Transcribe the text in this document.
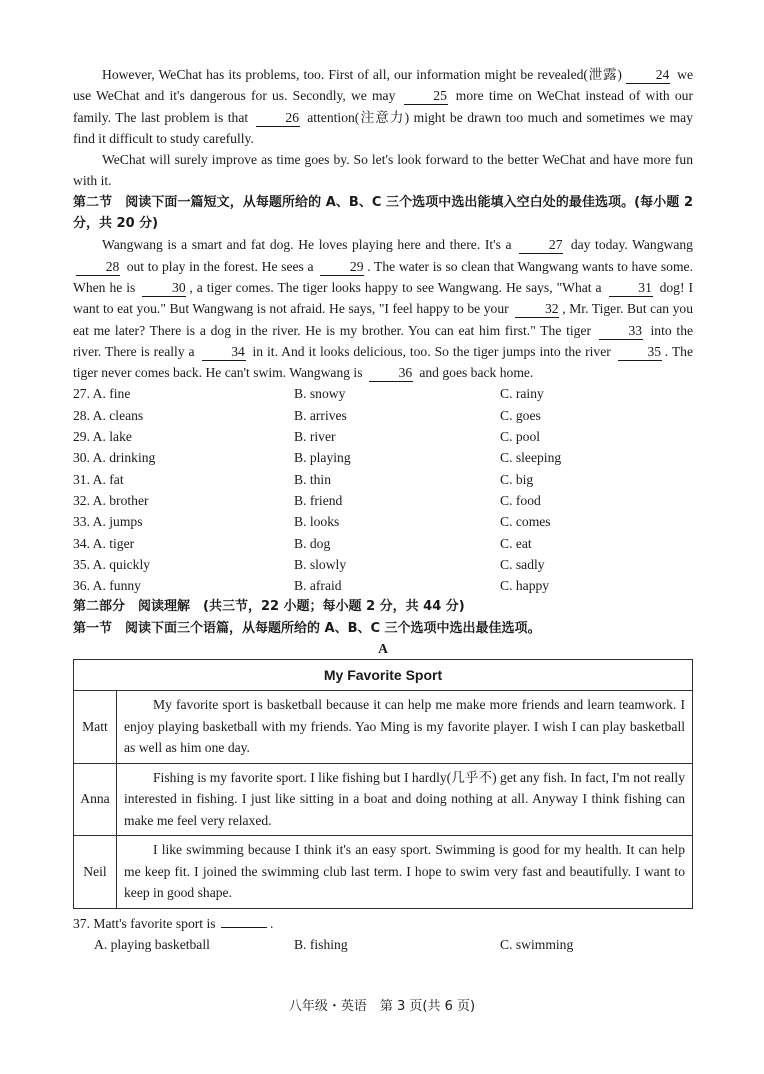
However, WeChat has its problems, too. First of all, our information might be revealed(泄露) 24 we use WeChat and it's dangerous for us. Secondly, we may	25 more time on WeChat instead of with our family. The last problem is that	26 attention(注意力) might be drawn too much and sometimes we may find it difficult to study carefully.

WeChat will surely improve as time goes by. So let's look forward to the better WeChat and have more fun with it.

第二节　阅读下面一篇短文，从每题所给的 A、B、C 三个选项中选出能填入空白处的最佳选项。(每小题 2 分，共 20 分)

Wangwang is a smart and fat dog. He loves playing here and there. It's a	27 day today. Wangwang 28 out to play in the forest. He sees a	29 . The water is so clean that Wangwang wants to have some. When he is	30 , a tiger comes. The tiger looks happy to see Wangwang. He says, "What a	31 dog! I want to eat you." But Wangwang is not afraid. He says, "I feel happy to be your	32 , Mr. Tiger. But can you eat me later? There is a dog in the river. He is my brother. You can eat him first." The tiger	33 into the river. There is really a	34 in it. And it looks delicious, too. So the tiger jumps into the river	35 . The tiger never comes back. He can't swim. Wangwang is	36 and goes back home.

27. A. fine	B. snowy	C. rainy
28. A. cleans	B. arrives	C. goes
29. A. lake	B. river	C. pool
30. A. drinking	B. playing	C. sleeping
31. A. fat	B. thin	C. big
32. A. brother	B. friend	C. food
33. A. jumps	B. looks	C. comes
34. A. tiger	B. dog	C. eat
35. A. quickly	B. slowly	C. sadly
36. A. funny	B. afraid	C. happy

第二部分　阅读理解　(共三节，22 小题；每小题 2 分，共 44 分)

第一节　阅读下面三个语篇，从每题所给的 A、B、C 三个选项中选出最佳选项。

A

My Favorite Sport	
Matt	My favorite sport is basketball because it can help me make more friends and learn teamwork. I enjoy playing basketball with my friends. Yao Ming is my favorite player. I wish I can play basketball as well as him one day.

Anna	Fishing is my favorite sport. I like fishing but I hardly(几乎不) get any fish. In fact, I'm not really interested in fishing. I just like sitting in a boat and doing nothing at all. Anyway I think fishing can make me feel very relaxed.

Neil	I like swimming because I think it's an easy sport. Swimming is good for my health. It can help me keep fit. I joined the swimming club last term. I hope to swim very fast and beautifully. I want to keep in good shape.

37. Matt's favorite sport is	.

A. playing basketball	B. fishing	C. swimming
八年级・英语　第 3 页(共 6 页)
